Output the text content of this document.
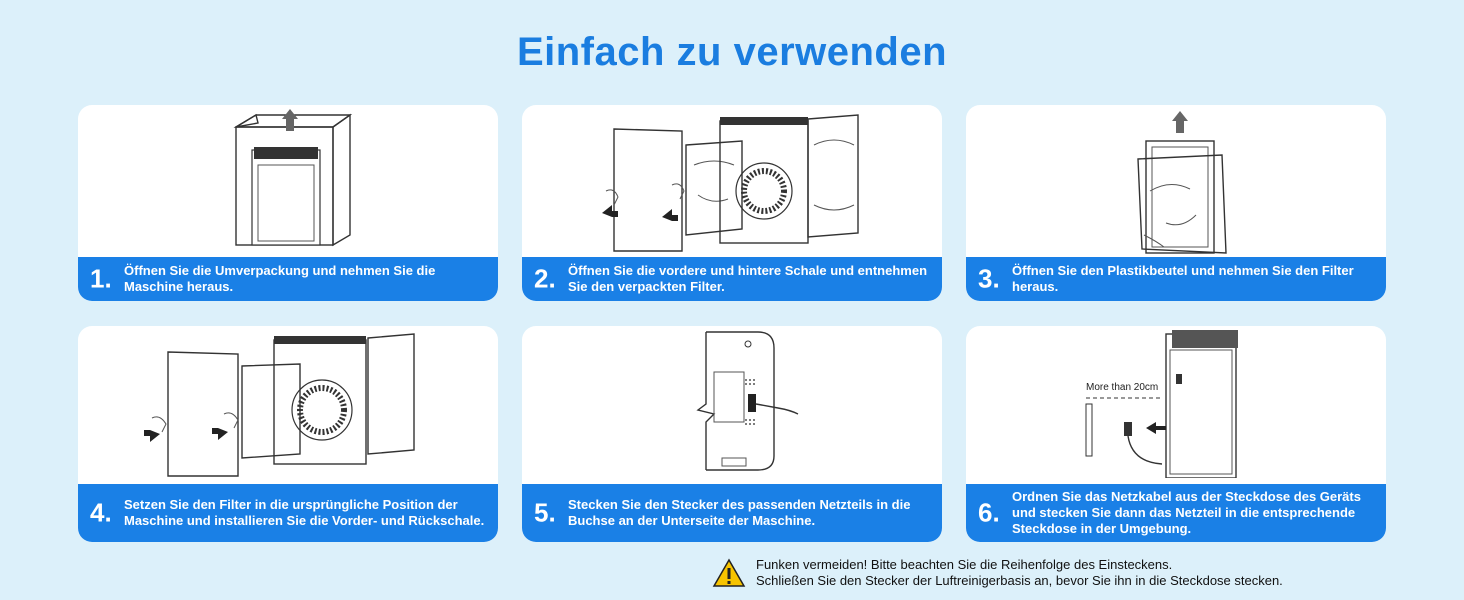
Einfach zu verwenden
1. Öffnen Sie die Umverpackung und nehmen Sie die Maschine heraus.	2. Öffnen Sie die vordere und hintere Schale und entnehmen Sie den verpackten Filter.	3. Öffnen Sie den Plastikbeutel und nehmen Sie den Filter heraus.
4. Setzen Sie den Filter in die ursprüngliche Position der Maschine und installieren Sie die Vorder- und Rückschale. 5. Stecken Sie den Stecker des passenden Netzteils in die Buchse an der Unterseite der Maschine.
More than 20cm
6.
Ordnen Sie das Netzkabel aus der Steckdose des Geräts und stecken Sie dann das Netzteil in die entsprechende Steckdose in der Umgebung.
Funken vermeiden! Bitte beachten Sie die Reihenfolge des Einsteckens.
Schließen Sie den Stecker der Luftreinigerbasis an, bevor Sie ihn in die Steckdose stecken.
